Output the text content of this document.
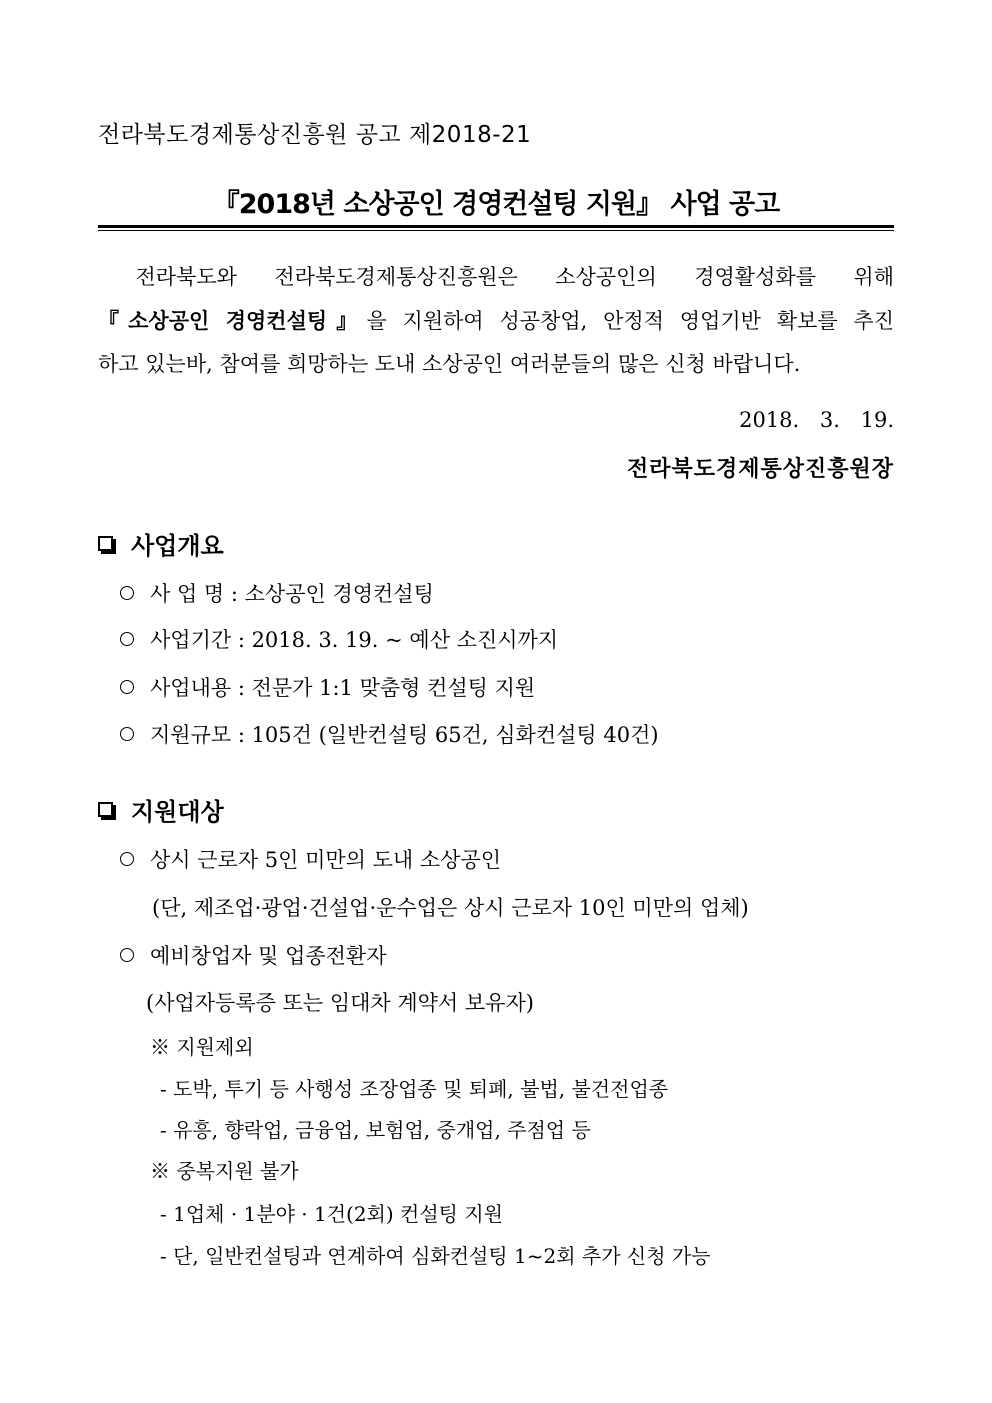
전라북도경제통상진흥원 공고 제2018-21
『2018년 소상공인 경영컨설팅 지원』 사업 공고
전라북도와 전라북도경제통상진흥원은 소상공인의 경영활성화를 위해
『소상공인 경영컨설팅』을 지원하여 성공창업, 안정적 영업기반 확보를 추진
하고 있는바, 참여를 희망하는 도내 소상공인 여러분들의 많은 신청 바랍니다.
2018. 3. 19.
전라북도경제통상진흥원장
사업개요
사 업 명 : 소상공인 경영컨설팅
사업기간 : 2018. 3. 19. ~ 예산 소진시까지
사업내용 : 전문가 1:1 맞춤형 컨설팅 지원
지원규모 : 105건 (일반컨설팅 65건, 심화컨설팅 40건)
지원대상
상시 근로자 5인 미만의 도내 소상공인
(단, 제조업·광업·건설업·운수업은 상시 근로자 10인 미만의 업체)
예비창업자 및 업종전환자
(사업자등록증 또는 임대차 계약서 보유자)
※ 지원제외
- 도박, 투기 등 사행성 조장업종 및 퇴폐, 불법, 불건전업종
- 유흥, 향락업, 금융업, 보험업, 중개업, 주점업 등
※ 중복지원 불가
- 1업체 · 1분야 · 1건(2회) 컨설팅 지원
- 단, 일반컨설팅과 연계하여 심화컨설팅 1~2회 추가 신청 가능
